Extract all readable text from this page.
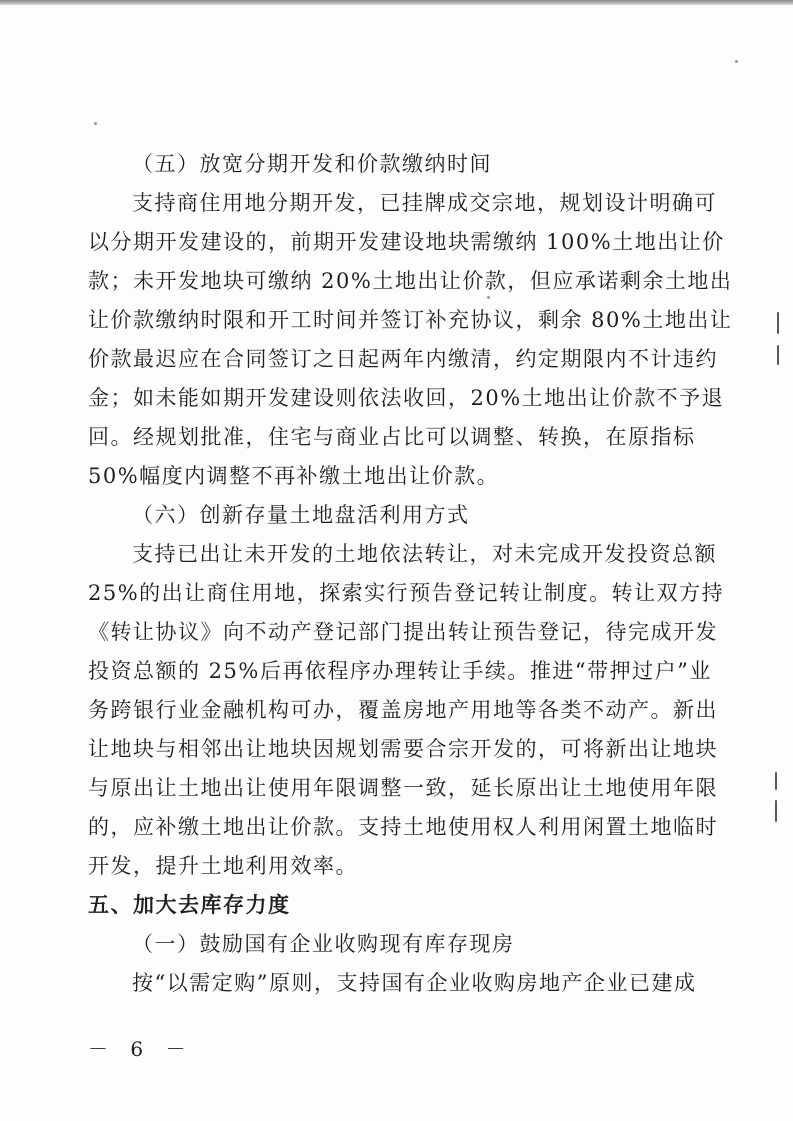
（五）放宽分期开发和价款缴纳时间
支持商住用地分期开发，已挂牌成交宗地，规划设计明确可
以分期开发建设的，前期开发建设地块需缴纳 100%土地出让价
款；未开发地块可缴纳 20%土地出让价款，但应承诺剩余土地出
让价款缴纳时限和开工时间并签订补充协议，剩余 80%土地出让
价款最迟应在合同签订之日起两年内缴清，约定期限内不计违约
金；如未能如期开发建设则依法收回，20%土地出让价款不予退
回。经规划批准，住宅与商业占比可以调整、转换，在原指标
50%幅度内调整不再补缴土地出让价款。
（六）创新存量土地盘活利用方式
支持已出让未开发的土地依法转让，对未完成开发投资总额
25%的出让商住用地，探索实行预告登记转让制度。转让双方持
《转让协议》向不动产登记部门提出转让预告登记，待完成开发
投资总额的 25%后再依程序办理转让手续。推进“带押过户”业
务跨银行业金融机构可办，覆盖房地产用地等各类不动产。新出
让地块与相邻出让地块因规划需要合宗开发的，可将新出让地块
与原出让土地出让使用年限调整一致，延长原出让土地使用年限
的，应补缴土地出让价款。支持土地使用权人利用闲置土地临时
开发，提升土地利用效率。
五、加大去库存力度
（一）鼓励国有企业收购现有库存现房
按“以需定购”原则，支持国有企业收购房地产企业已建成
－ 6 －
